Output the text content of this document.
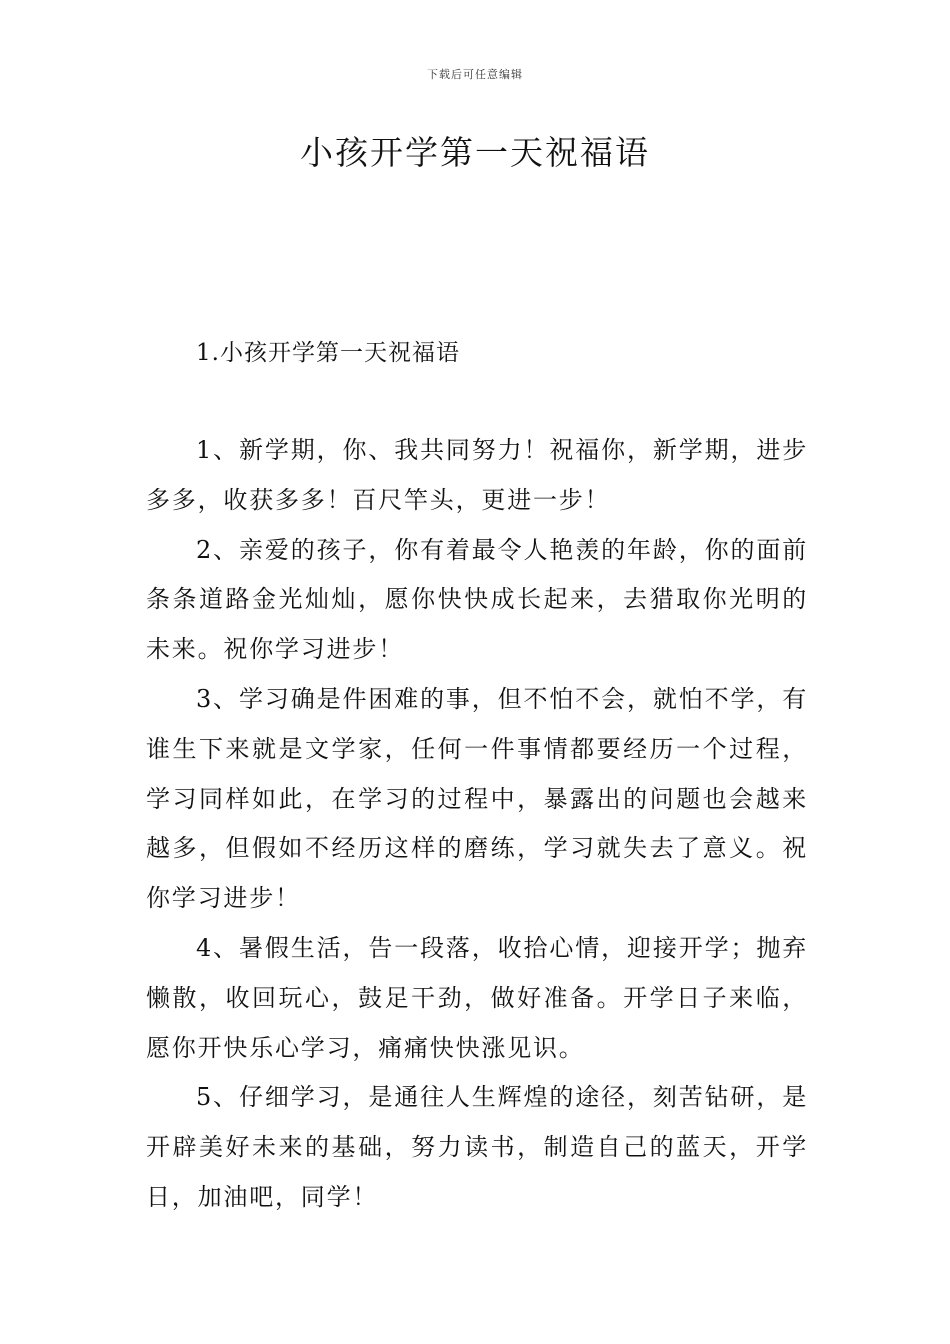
下载后可任意编辑
小孩开学第一天祝福语
1.小孩开学第一天祝福语

1、新学期，你、我共同努力！祝福你，新学期，进步多多，收获多多！百尺竿头，更进一步！

2、亲爱的孩子，你有着最令人艳羡的年龄，你的面前条条道路金光灿灿，愿你快快成长起来，去猎取你光明的未来。祝你学习进步！

3、学习确是件困难的事，但不怕不会，就怕不学，有谁生下来就是文学家，任何一件事情都要经历一个过程，学习同样如此，在学习的过程中，暴露出的问题也会越来越多，但假如不经历这样的磨练，学习就失去了意义。祝你学习进步！

4、暑假生活，告一段落，收拾心情，迎接开学；抛弃懒散，收回玩心，鼓足干劲，做好准备。开学日子来临，愿你开快乐心学习，痛痛快快涨见识。

5、仔细学习，是通往人生辉煌的途径，刻苦钻研，是开辟美好未来的基础，努力读书，制造自己的蓝天，开学日，加油吧，同学！
